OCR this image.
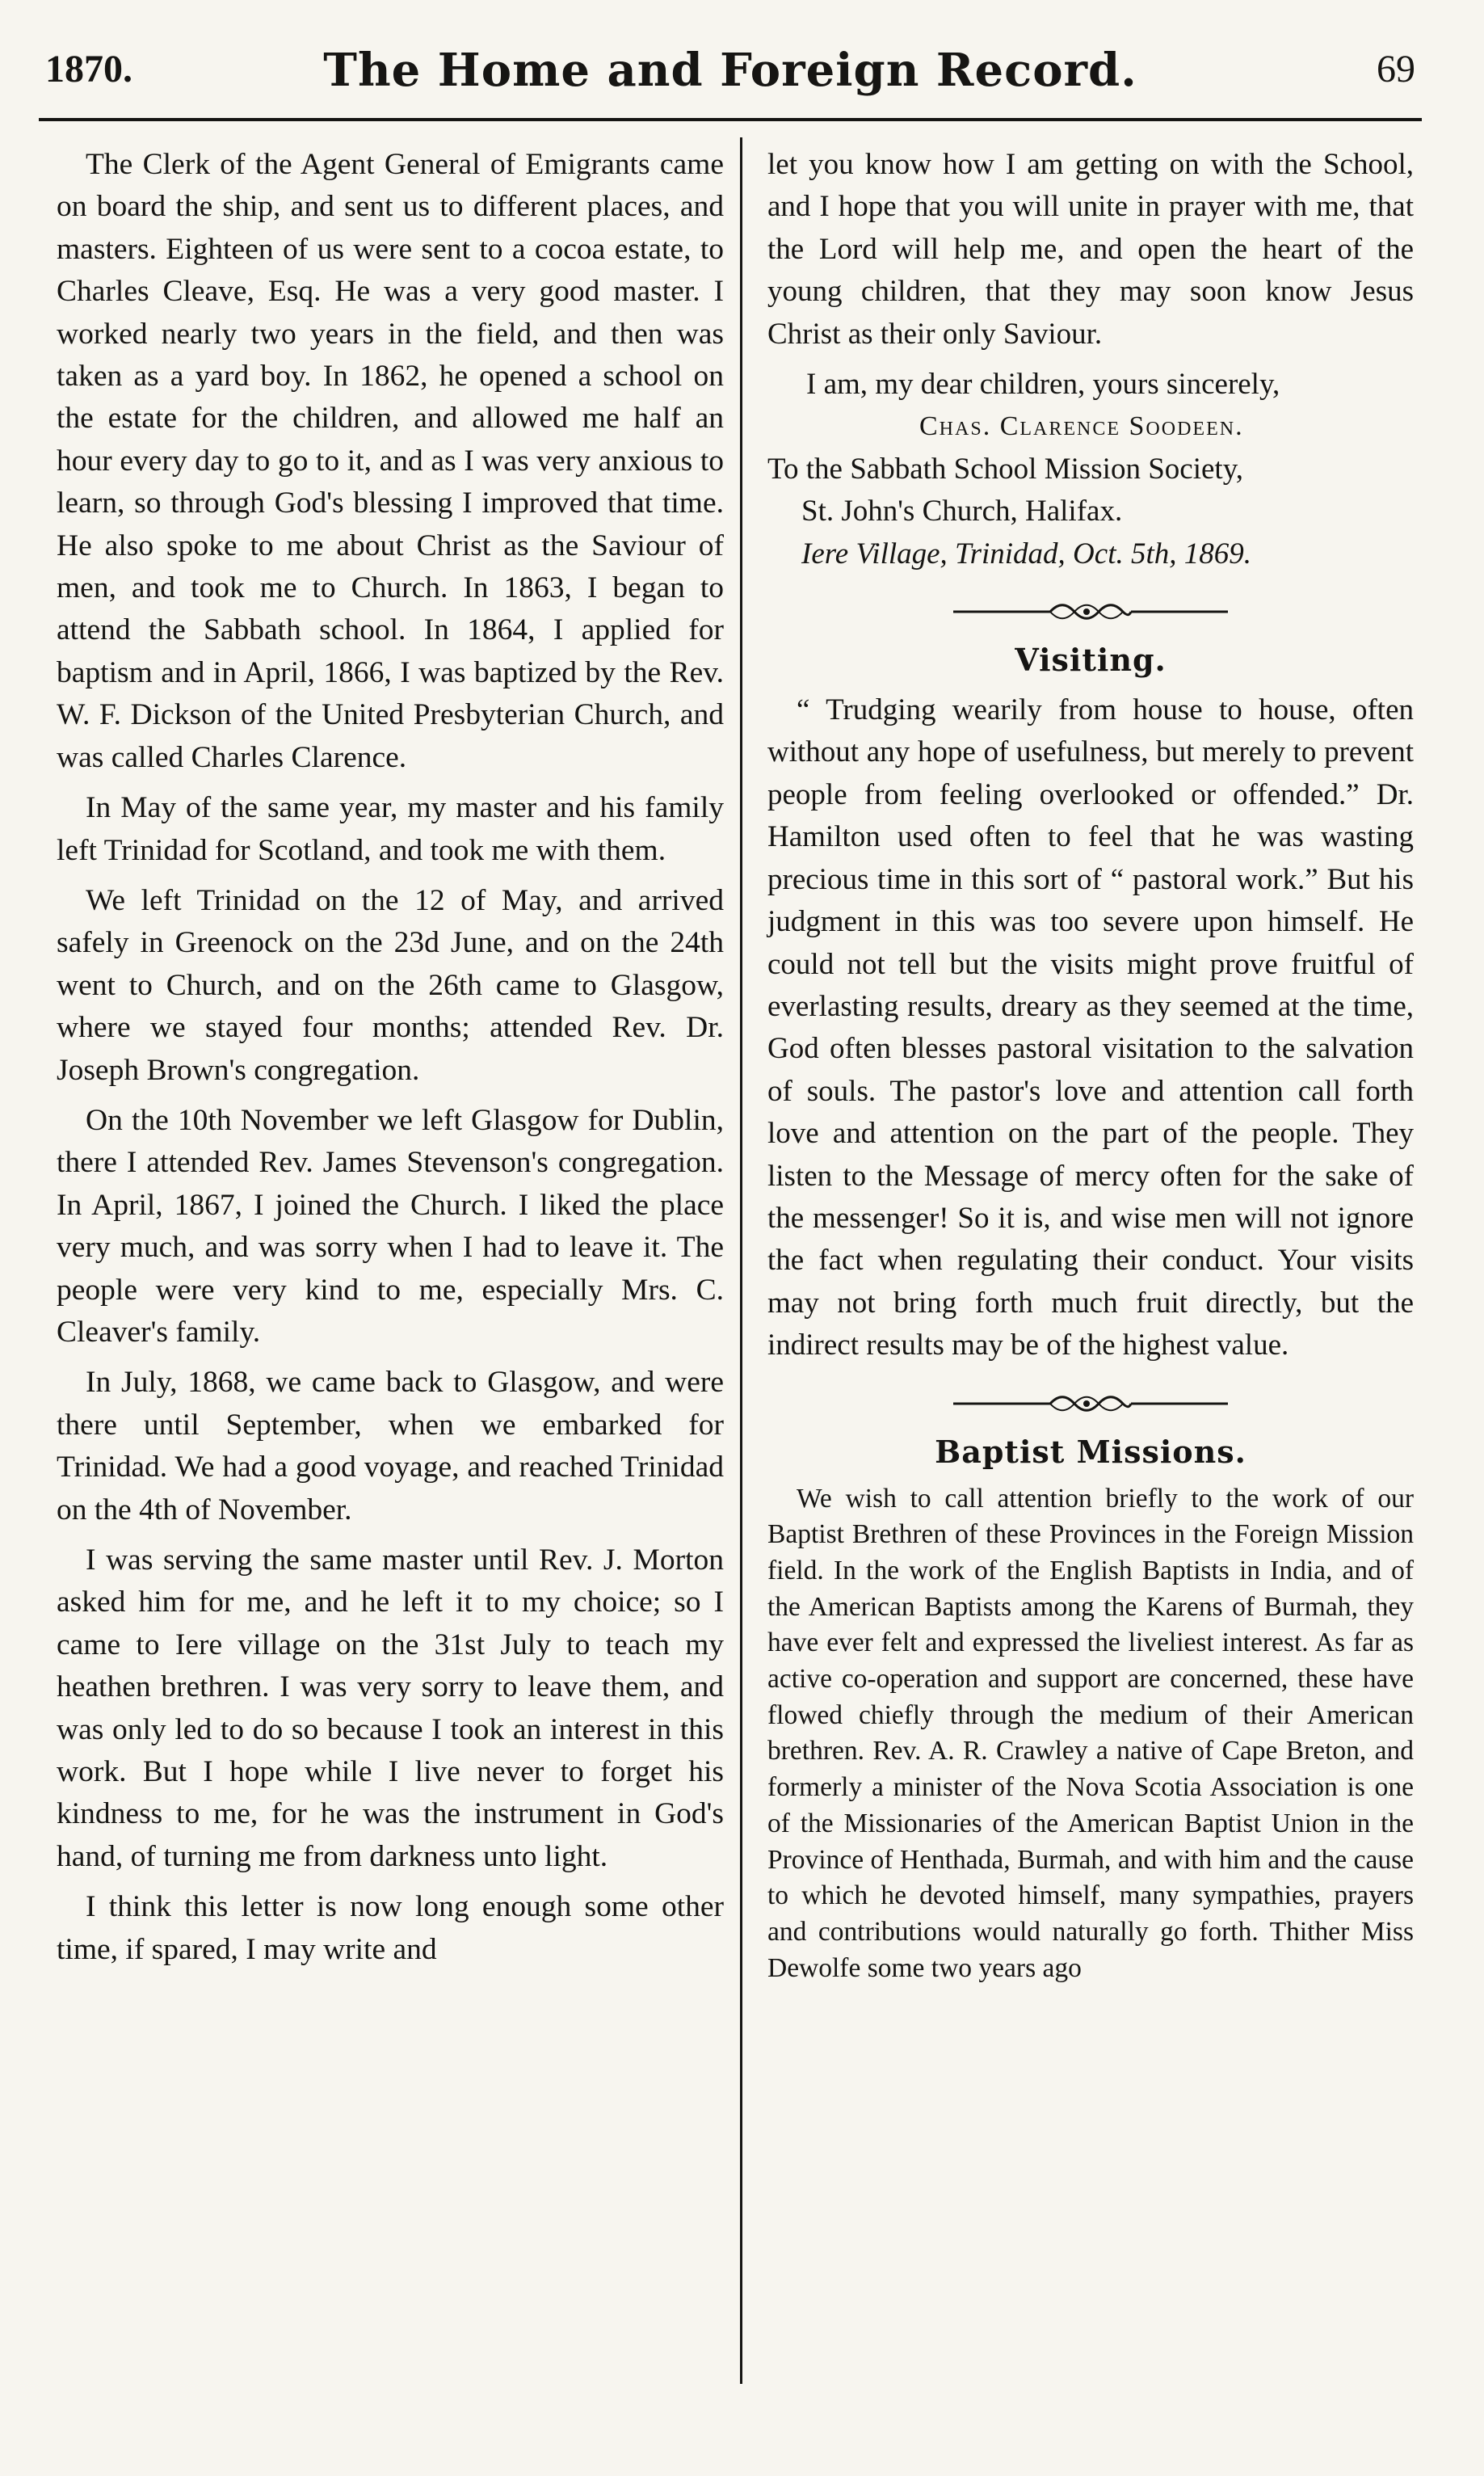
1870.	The Home and Foreign Record.	69

The Clerk of the Agent General of Emigrants came on board the ship, and sent us to different places, and masters. Eighteen of us were sent to a cocoa estate, to Charles Cleave, Esq. He was a very good master. I worked nearly two years in the field, and then was taken as a yard boy. In 1862, he opened a school on the estate for the children, and allowed me half an hour every day to go to it, and as I was very anxious to learn, so through God's blessing I improved that time. He also spoke to me about Christ as the Saviour of men, and took me to Church. In 1863, I began to attend the Sabbath school. In 1864, I applied for baptism and in April, 1866, I was baptized by the Rev. W. F. Dickson of the United Presbyterian Church, and was called Charles Clarence.

In May of the same year, my master and his family left Trinidad for Scotland, and took me with them.

We left Trinidad on the 12 of May, and arrived safely in Greenock on the 23d June, and on the 24th went to Church, and on the 26th came to Glasgow, where we stayed four months; attended Rev. Dr. Joseph Brown's congregation.

On the 10th November we left Glasgow for Dublin, there I attended Rev. James Stevenson's congregation. In April, 1867, I joined the Church. I liked the place very much, and was sorry when I had to leave it. The people were very kind to me, especially Mrs. C. Cleaver's family.

In July, 1868, we came back to Glasgow, and were there until September, when we embarked for Trinidad. We had a good voyage, and reached Trinidad on the 4th of November.

I was serving the same master until Rev. J. Morton asked him for me, and he left it to my choice; so I came to Iere village on the 31st July to teach my heathen brethren. I was very sorry to leave them, and was only led to do so because I took an interest in this work. But I hope while I live never to forget his kindness to me, for he was the instrument in God's hand, of turning me from darkness unto light.

I think this letter is now long enough some other time, if spared, I may write and

let you know how I am getting on with the School, and I hope that you will unite in prayer with me, that the Lord will help me, and open the heart of the young children, that they may soon know Jesus Christ as their only Saviour.

I am, my dear children, yours sincerely,
Chas. Clarence Soodeen.
To the Sabbath School Mission Society,
St. John's Church, Halifax.
Iere Village, Trinidad, Oct. 5th, 1869.
Visiting.

“ Trudging wearily from house to house, often without any hope of usefulness, but merely to prevent people from feeling overlooked or offended.” Dr. Hamilton used often to feel that he was wasting precious time in this sort of “ pastoral work.” But his judgment in this was too severe upon himself. He could not tell but the visits might prove fruitful of everlasting results, dreary as they seemed at the time, God often blesses pastoral visitation to the salvation of souls. The pastor's love and attention call forth love and attention on the part of the people. They listen to the Message of mercy often for the sake of the messenger! So it is, and wise men will not ignore the fact when regulating their conduct. Your visits may not bring forth much fruit directly, but the indirect results may be of the highest value.

Baptist Missions.

We wish to call attention briefly to the work of our Baptist Brethren of these Provinces in the Foreign Mission field. In the work of the English Baptists in India, and of the American Baptists among the Karens of Burmah, they have ever felt and expressed the liveliest interest. As far as active co-operation and support are concerned, these have flowed chiefly through the medium of their American brethren. Rev. A. R. Crawley a native of Cape Breton, and formerly a minister of the Nova Scotia Association is one of the Missionaries of the American Baptist Union in the Province of Henthada, Burmah, and with him and the cause to which he devoted himself, many sympathies, prayers and contributions would naturally go forth. Thither Miss Dewolfe some two years ago
